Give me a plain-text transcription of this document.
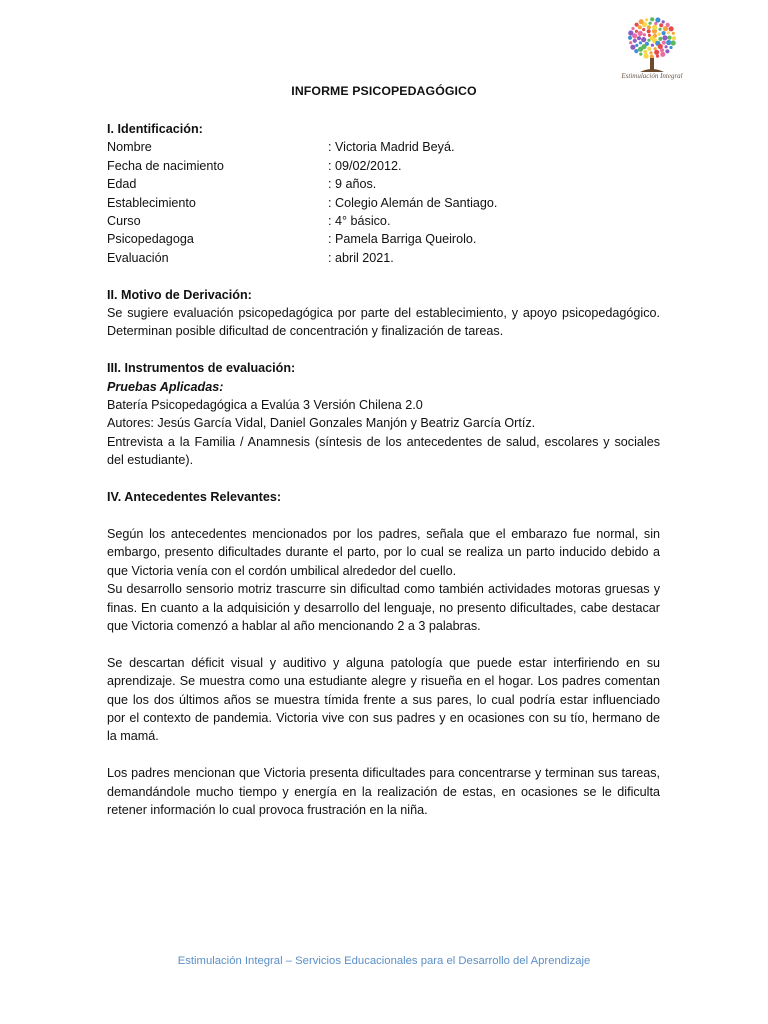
Estimulación Integral
INFORME PSICOPEDAGÓGICO
I. Identificación:
Nombre	: Victoria Madrid Beyá.
Fecha de nacimiento	: 09/02/2012.
Edad	: 9 años.
Establecimiento	: Colegio Alemán de Santiago.
Curso	: 4° básico.
Psicopedagoga	: Pamela Barriga Queirolo.
Evaluación	: abril 2021.
II. Motivo de Derivación:

Se sugiere evaluación psicopedagógica por parte del establecimiento, y apoyo psicopedagógico. Determinan posible dificultad de concentración y finalización de tareas.

III. Instrumentos de evaluación:
Pruebas Aplicadas:
Batería Psicopedagógica a Evalúa 3 Versión Chilena 2.0
Autores: Jesús García Vidal, Daniel Gonzales Manjón y Beatriz García Ortíz.
Entrevista a la Familia / Anamnesis (síntesis de los antecedentes de salud, escolares y sociales del estudiante).
IV. Antecedentes Relevantes:

Según los antecedentes mencionados por los padres, señala que el embarazo fue normal, sin embargo, presento dificultades durante el parto, por lo cual se realiza un parto inducido debido a que Victoria venía con el cordón umbilical alrededor del cuello.

Su desarrollo sensorio motriz trascurre sin dificultad como también actividades motoras gruesas y finas. En cuanto a la adquisición y desarrollo del lenguaje, no presento dificultades, cabe destacar que Victoria comenzó a hablar al año mencionando 2 a 3 palabras.

Se descartan déficit visual y auditivo y alguna patología que puede estar interfiriendo en su aprendizaje. Se muestra como una estudiante alegre y risueña en el hogar. Los padres comentan que los dos últimos años se muestra tímida frente a sus pares, lo cual podría estar influenciado por el contexto de pandemia. Victoria vive con sus padres y en ocasiones con su tío, hermano de la mamá.

Los padres mencionan que Victoria presenta dificultades para concentrarse y terminan sus tareas, demandándole mucho tiempo y energía en la realización de estas, en ocasiones se le dificulta retener información lo cual provoca frustración en la niña.

Estimulación Integral – Servicios Educacionales para el Desarrollo del Aprendizaje
